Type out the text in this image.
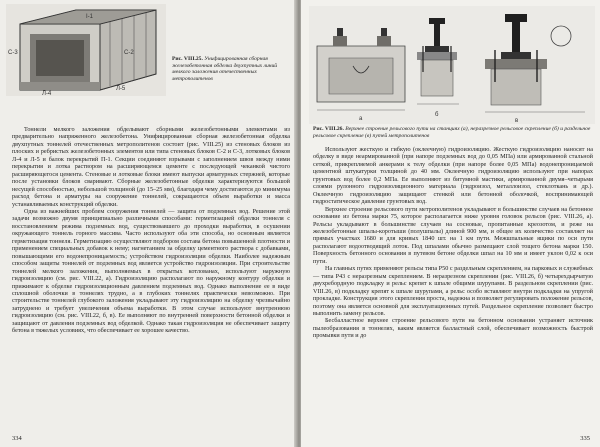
C-3	C-2
I-1
Л-4
Л-5
Рис. VIII.25. Унифицированная сборная железобетонная обделка двухпутных линий мелкого заложения отечественных метрополитенов

Тоннели мелкого заложения обделывают сборными железобетонными элементами из предварительно напряженного железобетона. Унифицированная сборная железобетонная обделка двухпутных тоннелей отечественных метрополитенов состоит (рис. VIII.25) из стеновых блоков из плоских и ребристых железобетонных элементов или типа стеновых блоков С-2 и С-3, лотковых блоков Л-4 и Л-5 и балок перекрытий П-1. Секции соединяют взрывами с заполнением швов между ними перекрытия и лотка раствором на расширяющемся цементе с последующей чеканкой чистого расширяющегося цемента. Стеновые и лотковые блоки имеют выпуски арматурных стержней, которые после установки блоков сваривают. Сборные железобетонные обделки характеризуются большой несущей способностью, небольшой толщиной (до 15–25 мм), благодаря чему достигаются до минимума расход бетона и арматуры на сооружение тоннелей, сокращаются объем выработки и масса устанавливаемых конструкций обделки.

Одна из важнейших проблем сооружения тоннелей — защита от подземных вод. Решение этой задачи возможно двумя принципиально различными способами: герметизацией обделки тоннеля с восстановлением режима подземных вод, существовавшего до проходки выработки, в осушении окружающего тоннель горного массива. Часто используют оба эти способа, но основным является герметизация тоннеля. Герметизацию осуществляют подбором состава бетона повышенной плотности и применением специальных добавок к нему; нагнетанием за обделку цементного раствора с добавками, повышающими его водонепроницаемость; устройством гидроизоляции обделки. Наиболее надежным способом защиты тоннелей от подземных вод является устройство гидроизоляции. При строительстве тоннелей мелкого заложения, выполняемых в открытых котлованах, используют наружную гидроизоляцию (см. рис. VIII.22, а). Гидроизоляцию располагают по наружному контуру обделки и прижимают к обделке гидроизоляционным давлением подземных вод. Однако выполнение ее в виде сплошной оболочки в тоннелях трудно, а в глубоких тоннелях практически невозможно. При строительстве тоннелей глубокого заложения укладывают эту гидроизоляцию на обделку чрезвычайно затруднено и требует увеличения объема выработки. В этом случае используют внутреннюю гидроизоляцию (см. рис. VIII.22, б, в). Ее выполняют по внутренней поверхности бетонной обделки и защищают от давления подземных вод обделкой. Однако такая гидроизоляция не обеспечивает защиту бетона в тяжелых условиях, что обеспечивает ее хорошее качество.

334
а
б
в
Рис. VIII.26. Верхнее строение рельсового пути на станциях (а), неразрезное рельсовое скрепление (б) и раздельное рельсовое скрепление (в) путей метрополитенов

Используют жесткую и гибкую (оклеечную) гидроизоляцию. Жесткую гидроизоляцию наносят на обделку в виде неармированной (при напоре подземных вод до 0,05 МПа) или армированной стальной сеткой, прикрепляемой анкерами к телу обделки (при напоре более 0,05 МПа) водонепроницаемой цементной штукатурки толщиной до 40 мм. Оклеечную гидроизоляцию используют при напорах грунтовых вод более 0,2 МПа. Ее выполняют из битумной мастики, армированной двумя–четырьмя слоями рулонного гидроизоляционного материала (гидроизол, металлоизол, стеклоткань и др.). Оклеечную гидроизоляцию защищают стенкой или бетонной оболочкой, воспринимающей гидростатическое давление грунтовых вод.

Верхнее строение рельсового пути метрополитенов укладывают в большинстве случаев на бетонное основание из бетона марки 75, которое располагается ниже уровня головок рельсов (рис. VIII.26, а). Рельсы укладывают в большинстве случаев на сосновые, пропитанные креозотом, и реже на железобетонные шпалы-коротыши (полушпалы) длиной 900 мм, и общее их количество составляет на прямых участках 1680 и для кривых 1840 шт. на 1 км пути. Межшпальные ящики по оси пути располагают водоотводящий лоток. Под шпалами обычно размещают слой тощего бетона марки 150. Поверхность бетонного основания в путевом бетоне обделки шпал на 10 мм и имеет уклон 0,02 к оси пути.

На главных путях применяют рельсы типа Р50 с раздельным скреплением, на парковых и служебных — типа Р43 с неразрезным скреплением. В неразрезном скреплении (рис. VIII.26, б) четырехдырчатую двухребордную подкладку и рельс крепят к шпале общими шурупами. В раздельном скреплении (рис. VIII.26, в) подкладку крепят к шпале шурупами, а рельс особо вставляют внутри подкладки на упругой прокладке. Конструкция этого скрепления проста, надежна и позволяет регулировать положение рельсов, поэтому она является основной для эксплуатационных путей. Раздельное скрепление позволяет быстро выполнить замену рельсов.

Бесбалластное верхнее строение рельсового пути на бетонном основании устраняет источник пылеобразования в тоннелях, каким является балластный слой, обеспечивает возможность быстрой промывки пути и до

335
